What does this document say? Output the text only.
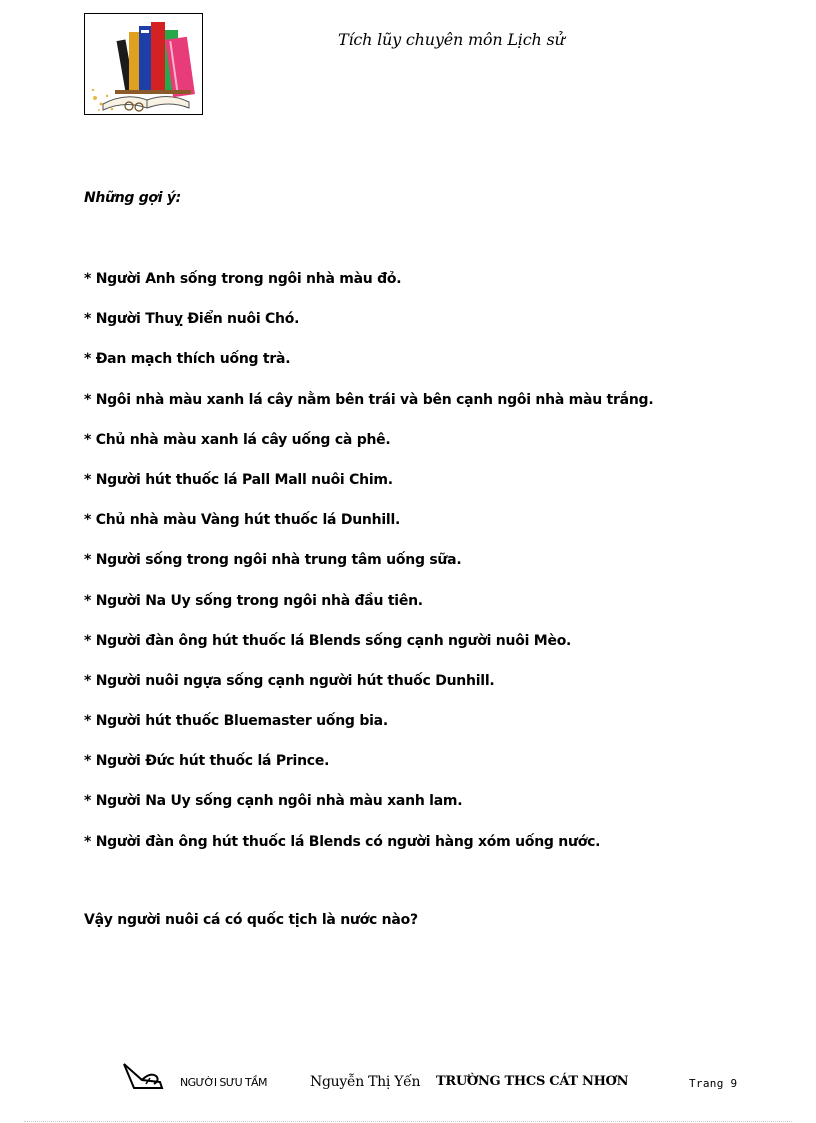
Tích lũy chuyên môn Lịch sử
Những gợi ý:
* Người Anh sống trong ngôi nhà màu đỏ.
* Người Thuỵ Điển nuôi Chó.
* Đan mạch thích uống trà.
* Ngôi nhà màu xanh lá cây nằm bên trái và bên cạnh ngôi nhà màu trắng.
* Chủ nhà màu xanh lá cây uống cà phê.
* Người hút thuốc lá Pall Mall nuôi Chim.
* Chủ nhà màu Vàng hút thuốc lá Dunhill.
* Người sống trong ngôi nhà trung tâm uống sữa.
* Người Na Uy sống trong ngôi nhà đầu tiên.
* Người đàn ông hút thuốc lá Blends sống cạnh người nuôi Mèo.
* Người nuôi ngựa sống cạnh người hút thuốc Dunhill.
* Người hút thuốc Bluemaster uống bia.
* Người Đức hút thuốc lá Prince.
* Người Na Uy sống cạnh ngôi nhà màu xanh lam.
* Người đàn ông hút thuốc lá Blends có người hàng xóm uống nước.
Vậy người nuôi cá có quốc tịch là nước nào?
NGƯỜI SƯU TẦM	Nguyễn Thị Yến TRƯỜNG THCS CÁT NHƠN	Trang 9
